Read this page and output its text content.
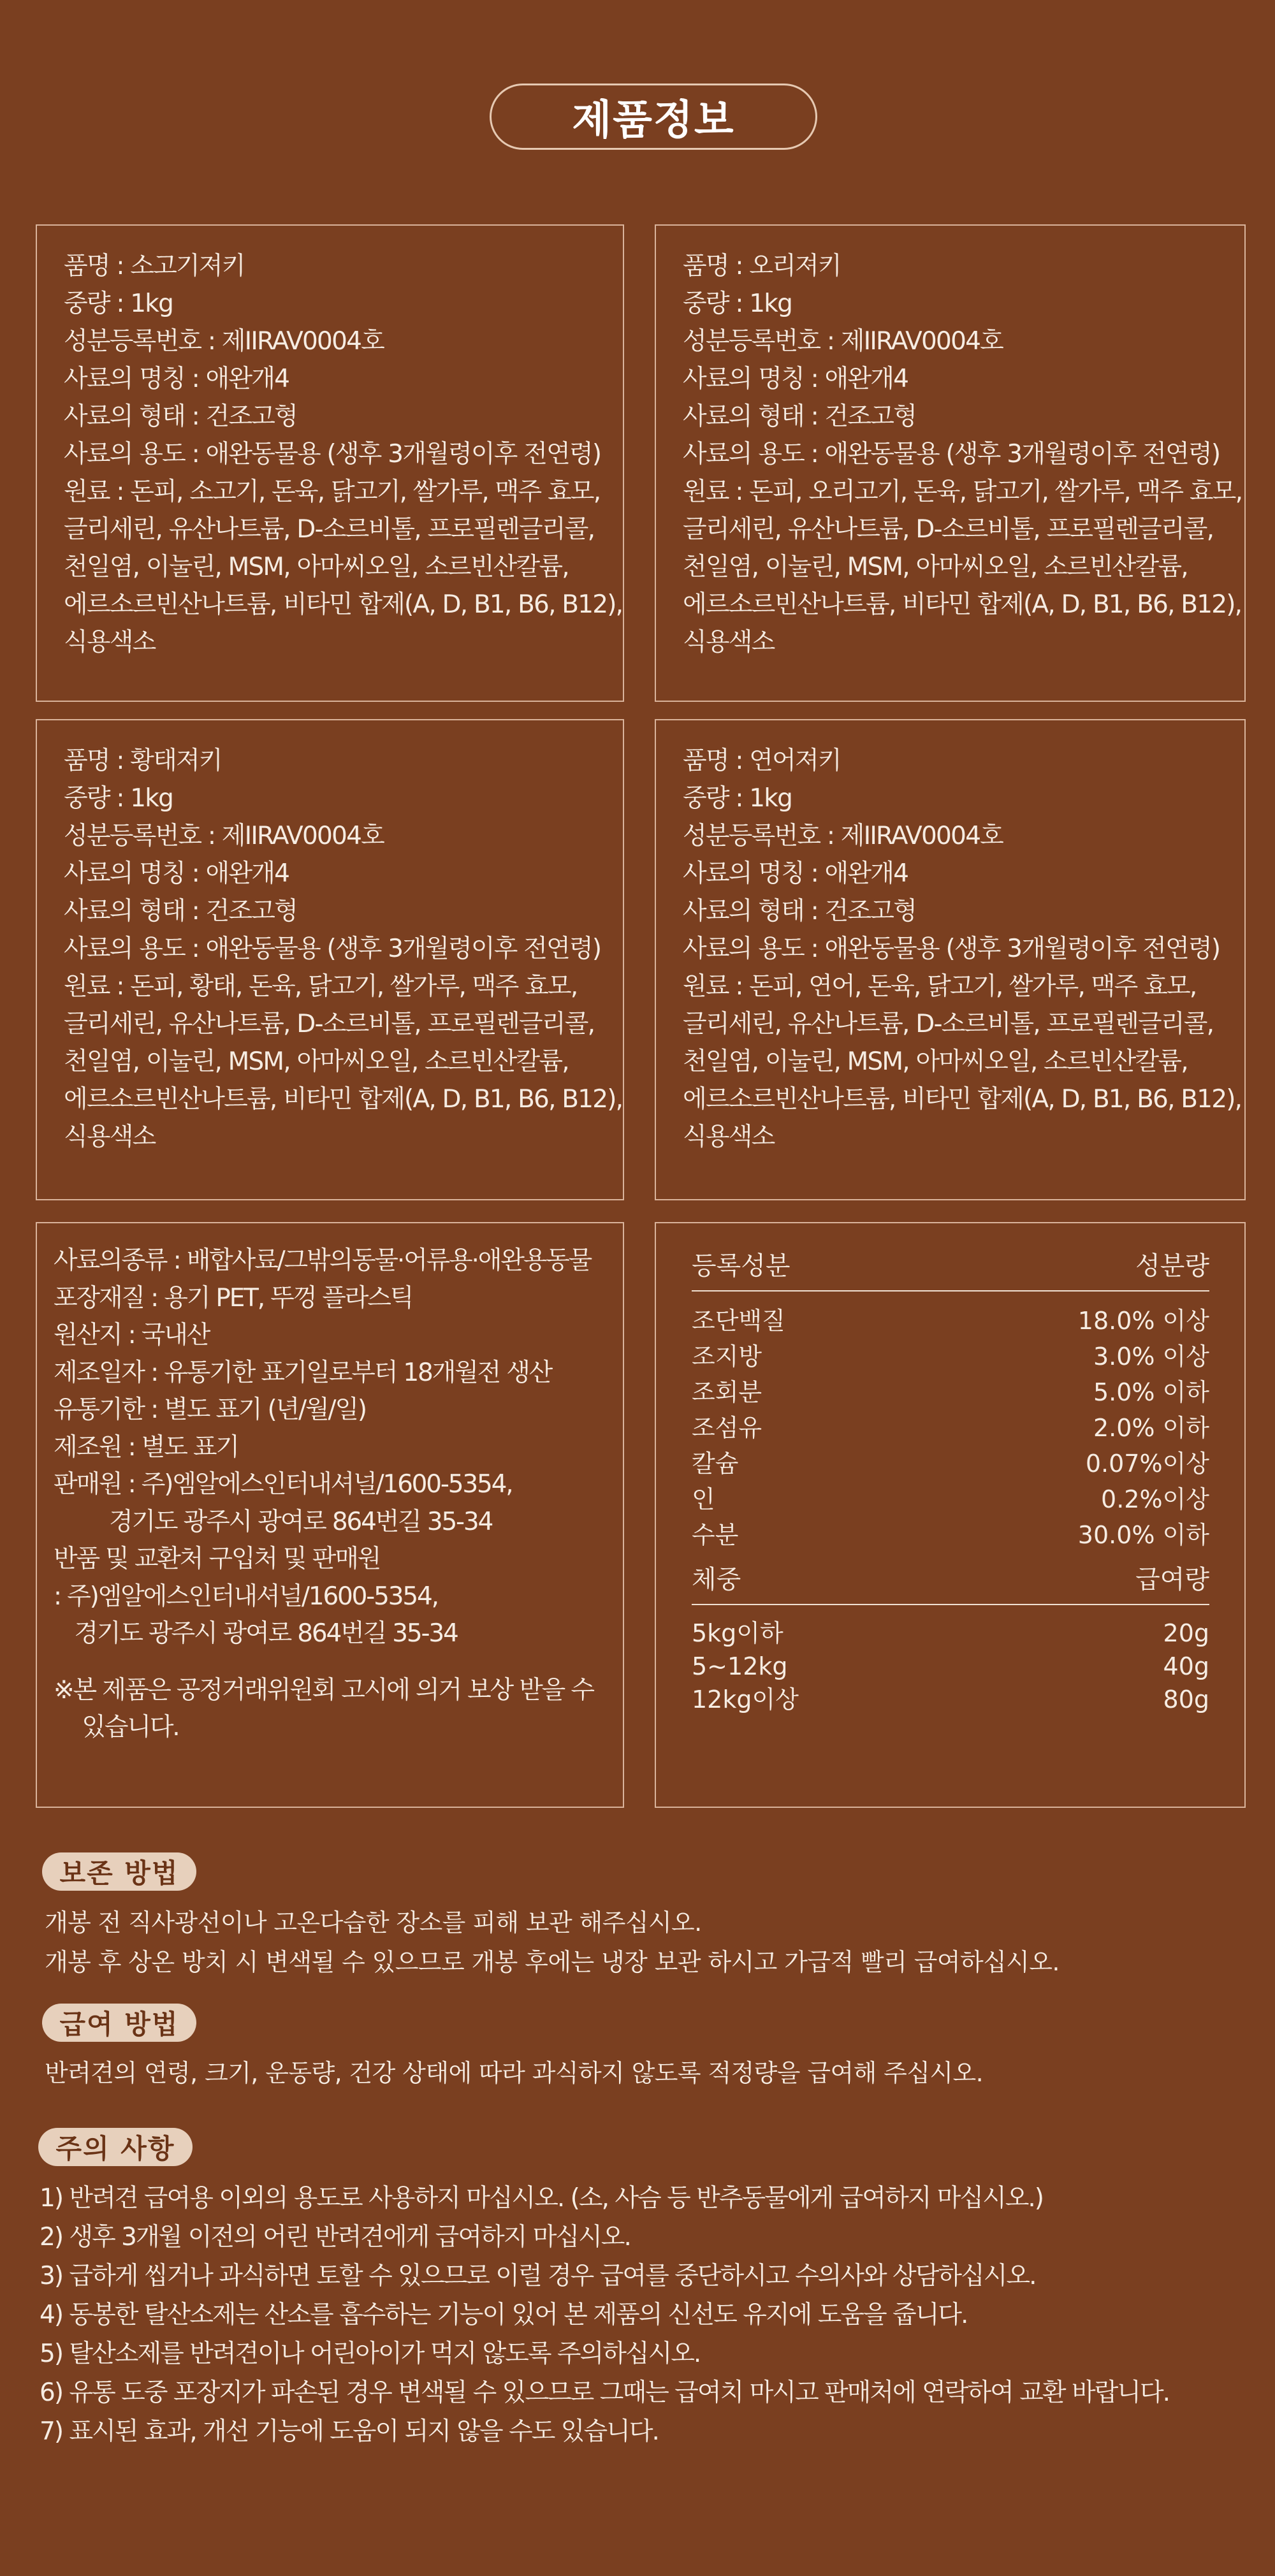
제품정보
품명 : 소고기져키
중량 : 1kg
성분등록번호 : 제IIRAV0004호
사료의 명칭 : 애완개4
사료의 형태 : 건조고형
사료의 용도 : 애완동물용 (생후 3개월령이후 전연령)
원료 : 돈피, 소고기, 돈육, 닭고기, 쌀가루, 맥주 효모,
글리세린, 유산나트륨, D-소르비톨, 프로필렌글리콜,
천일염, 이눌린, MSM, 아마씨오일, 소르빈산칼륨,
에르소르빈산나트륨, 비타민 합제(A, D, B1, B6, B12),
식용색소
품명 : 오리져키
중량 : 1kg
성분등록번호 : 제IIRAV0004호
사료의 명칭 : 애완개4
사료의 형태 : 건조고형
사료의 용도 : 애완동물용 (생후 3개월령이후 전연령)
원료 : 돈피, 오리고기, 돈육, 닭고기, 쌀가루, 맥주 효모,
글리세린, 유산나트륨, D-소르비톨, 프로필렌글리콜,
천일염, 이눌린, MSM, 아마씨오일, 소르빈산칼륨,
에르소르빈산나트륨, 비타민 합제(A, D, B1, B6, B12),
식용색소
품명 : 황태져키
중량 : 1kg
성분등록번호 : 제IIRAV0004호
사료의 명칭 : 애완개4
사료의 형태 : 건조고형
사료의 용도 : 애완동물용 (생후 3개월령이후 전연령)
원료 : 돈피, 황태, 돈육, 닭고기, 쌀가루, 맥주 효모,
글리세린, 유산나트륨, D-소르비톨, 프로필렌글리콜,
천일염, 이눌린, MSM, 아마씨오일, 소르빈산칼륨,
에르소르빈산나트륨, 비타민 합제(A, D, B1, B6, B12),
식용색소
품명 : 연어져키
중량 : 1kg
성분등록번호 : 제IIRAV0004호
사료의 명칭 : 애완개4
사료의 형태 : 건조고형
사료의 용도 : 애완동물용 (생후 3개월령이후 전연령)
원료 : 돈피, 연어, 돈육, 닭고기, 쌀가루, 맥주 효모,
글리세린, 유산나트륨, D-소르비톨, 프로필렌글리콜,
천일염, 이눌린, MSM, 아마씨오일, 소르빈산칼륨,
에르소르빈산나트륨, 비타민 합제(A, D, B1, B6, B12),
식용색소
사료의종류 : 배합사료/그밖의동물·어류용·애완용동물
포장재질 : 용기 PET, 뚜껑 플라스틱
원산지 : 국내산
제조일자 : 유통기한 표기일로부터 18개월전 생산
유통기한 : 별도 표기 (년/월/일)
제조원 : 별도 표기
판매원 : 주)엠알에스인터내셔널/1600-5354,
경기도 광주시 광여로 864번길 35-34
반품 및 교환처 구입처 및 판매원
: 주)엠알에스인터내셔널/1600-5354,
경기도 광주시 광여로 864번길 35-34
※본 제품은 공정거래위원회 고시에 의거 보상 받을 수
있습니다.
등록성분	성분량
조단백질	18.0% 이상
조지방	3.0% 이상
조회분	5.0% 이하
조섬유	2.0% 이하
칼슘	0.07%이상
인	0.2%이상
수분	30.0% 이하
체중	급여량
5kg이하	20g
5~12kg	40g
12kg이상	80g
보존 방법
개봉 전 직사광선이나 고온다습한 장소를 피해 보관 해주십시오.
개봉 후 상온 방치 시 변색될 수 있으므로 개봉 후에는 냉장 보관 하시고 가급적 빨리 급여하십시오.
급여 방법
반려견의 연령, 크기, 운동량, 건강 상태에 따라 과식하지 않도록 적정량을 급여해 주십시오.
주의 사항
1) 반려견 급여용 이외의 용도로 사용하지 마십시오. (소, 사슴 등 반추동물에게 급여하지 마십시오.)
2) 생후 3개월 이전의 어린 반려견에게 급여하지 마십시오.
3) 급하게 씹거나 과식하면 토할 수 있으므로 이럴 경우 급여를 중단하시고 수의사와 상담하십시오.
4) 동봉한 탈산소제는 산소를 흡수하는 기능이 있어 본 제품의 신선도 유지에 도움을 줍니다.
5) 탈산소제를 반려견이나 어린아이가 먹지 않도록 주의하십시오.
6) 유통 도중 포장지가 파손된 경우 변색될 수 있으므로 그때는 급여치 마시고 판매처에 연락하여 교환 바랍니다.
7) 표시된 효과, 개선 기능에 도움이 되지 않을 수도 있습니다.
